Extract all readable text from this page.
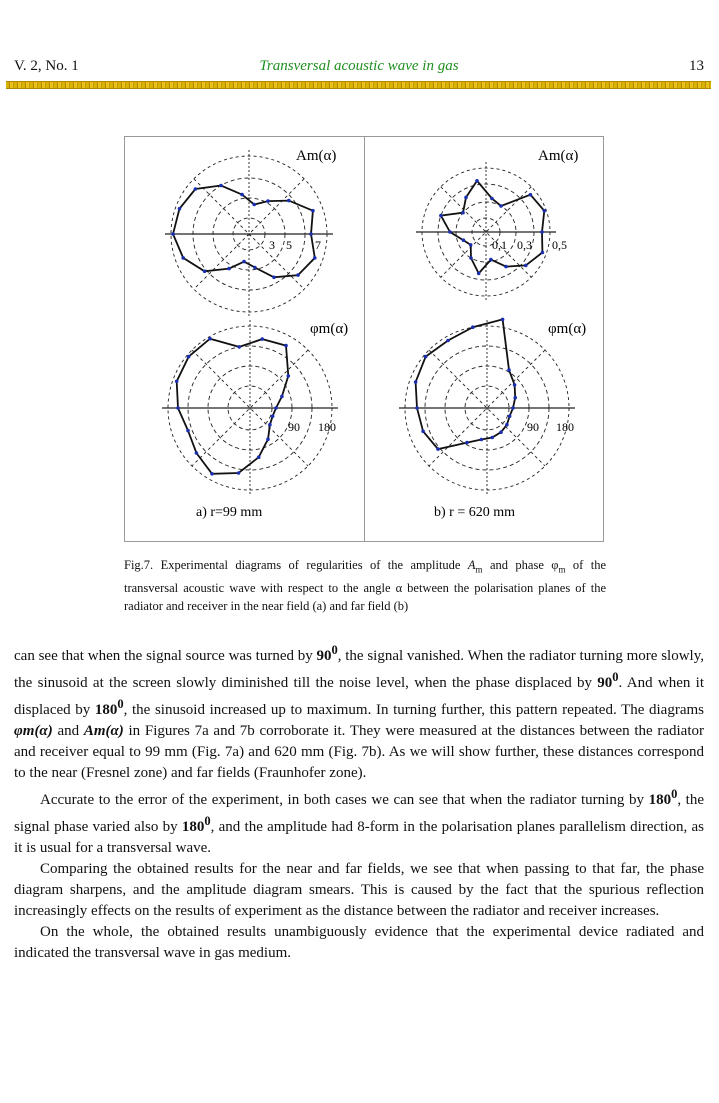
V. 2, No. 1	Transversal acoustic wave in gas	13
Am(α)	Am(α)
φm(α)	φm(α)
3 5 7	0,1 0,3 0,5
90 180	90 180
a) r=99 mm	b) r = 620 mm
Fig.7. Experimental diagrams of regularities of the amplitude $A_m$ and phase $\varphi_m$ of the transversal acoustic wave with respect to the angle α between the polarisation planes of the radiator and receiver in the near field (a) and far field (b)

can see that when the signal source was turned by $90^0$, the signal vanished. When the radiator turning more slowly, the sinusoid at the screen slowly diminished till the noise level, when the phase displaced by $90^0$. And when it displaced by $180^0$, the sinusoid increased up to maximum. In turning further, this pattern repeated. The diagrams φm(α) and Am(α) in Figures 7a and 7b corroborate it. They were measured at the distances between the radiator and receiver equal to 99 mm (Fig. 7a) and 620 mm (Fig. 7b). As we will show further, these distances correspond to the near (Fresnel zone) and far fields (Fraunhofer zone).

Accurate to the error of the experiment, in both cases we can see that when the radiator turning by $180^0$, the signal phase varied also by $180^0$, and the amplitude had 8-form in the polarisation planes parallelism direction, as it is usual for a transversal wave.

Comparing the obtained results for the near and far fields, we see that when passing to that far, the phase diagram sharpens, and the amplitude diagram smears. This is caused by the fact that the spurious reflection increasingly effects on the results of experiment as the distance between the radiator and receiver increases.

On the whole, the obtained results unambiguously evidence that the experimental device radiated and indicated the transversal wave in gas medium.
